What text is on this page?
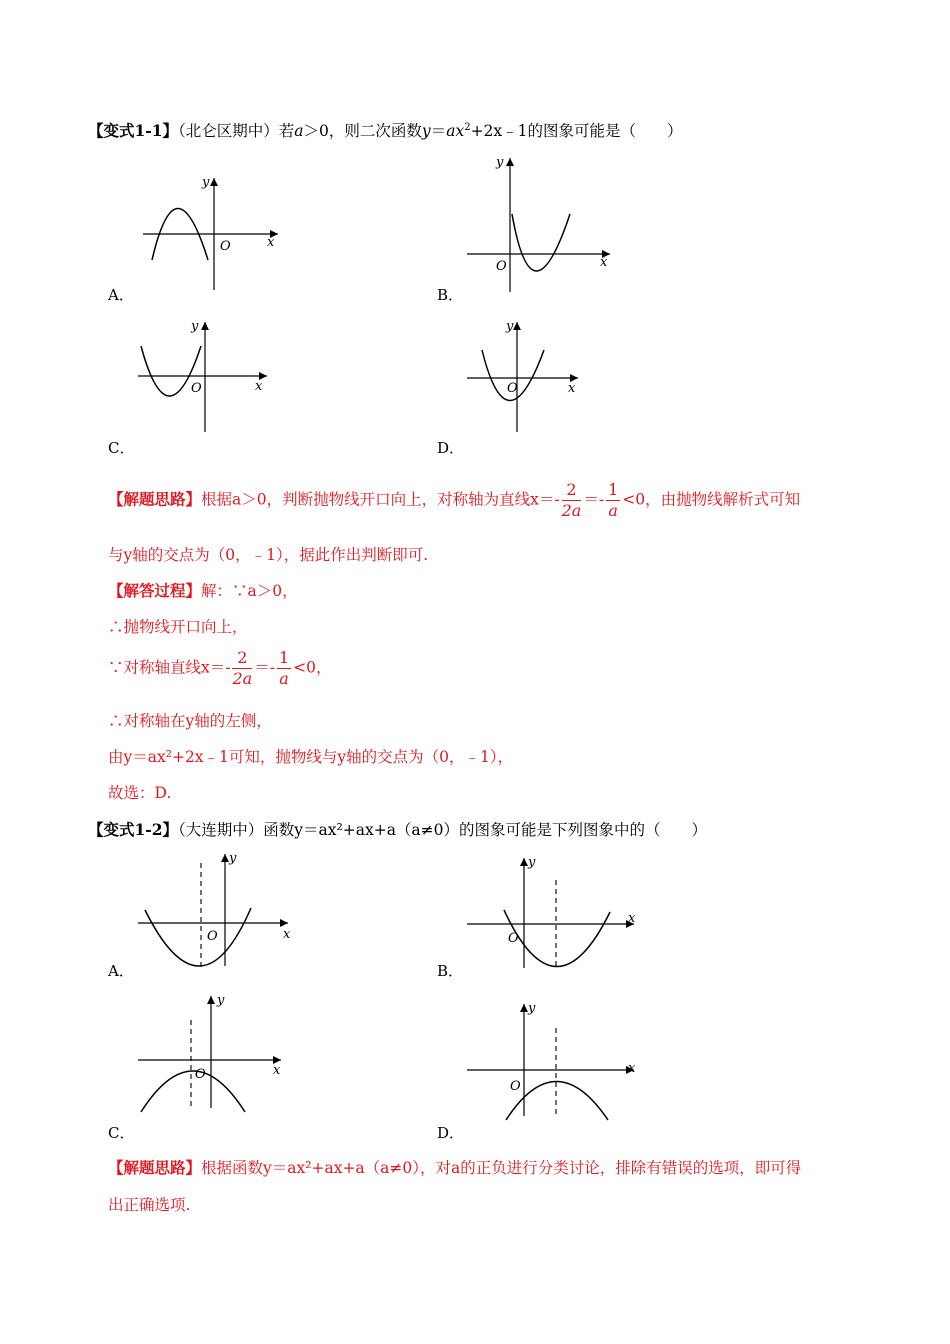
【变式1-1】（北仑区期中）若a＞0，则二次函数$y=ax^2+2x﹣1$的图象可能是（　　）
y
x
O
A．
y
x
O
B．
y
x
O
C．
y
x
O
D．
【解题思路】根据a＞0，判断抛物线开口向上，对称轴为直线$x=- \frac{2}{2a} =- \frac{1}{a} <0$，由抛物线解析式可知
与y轴的交点为（0，﹣1），据此作出判断即可.
【解答过程】解：∵a＞0，
∴抛物线开口向上，
∵对称轴直线$x=- \frac{2}{2a} =- \frac{1}{a} <0$，
∴对称轴在y轴的左侧，
由y＝ax²+2x﹣1可知，抛物线与y轴的交点为（0，﹣1），
故选：D.
【变式1-2】（大连期中）函数y＝ax²+ax+a（a≠0）的图象可能是下列图象中的（　　）
y
x
O
A．
y
x
O
B．
y
x
O
C．
y
x
O
D．
【解题思路】根据函数y＝ax²+ax+a（a≠0），对a的正负进行分类讨论，排除有错误的选项，即可得
出正确选项.
